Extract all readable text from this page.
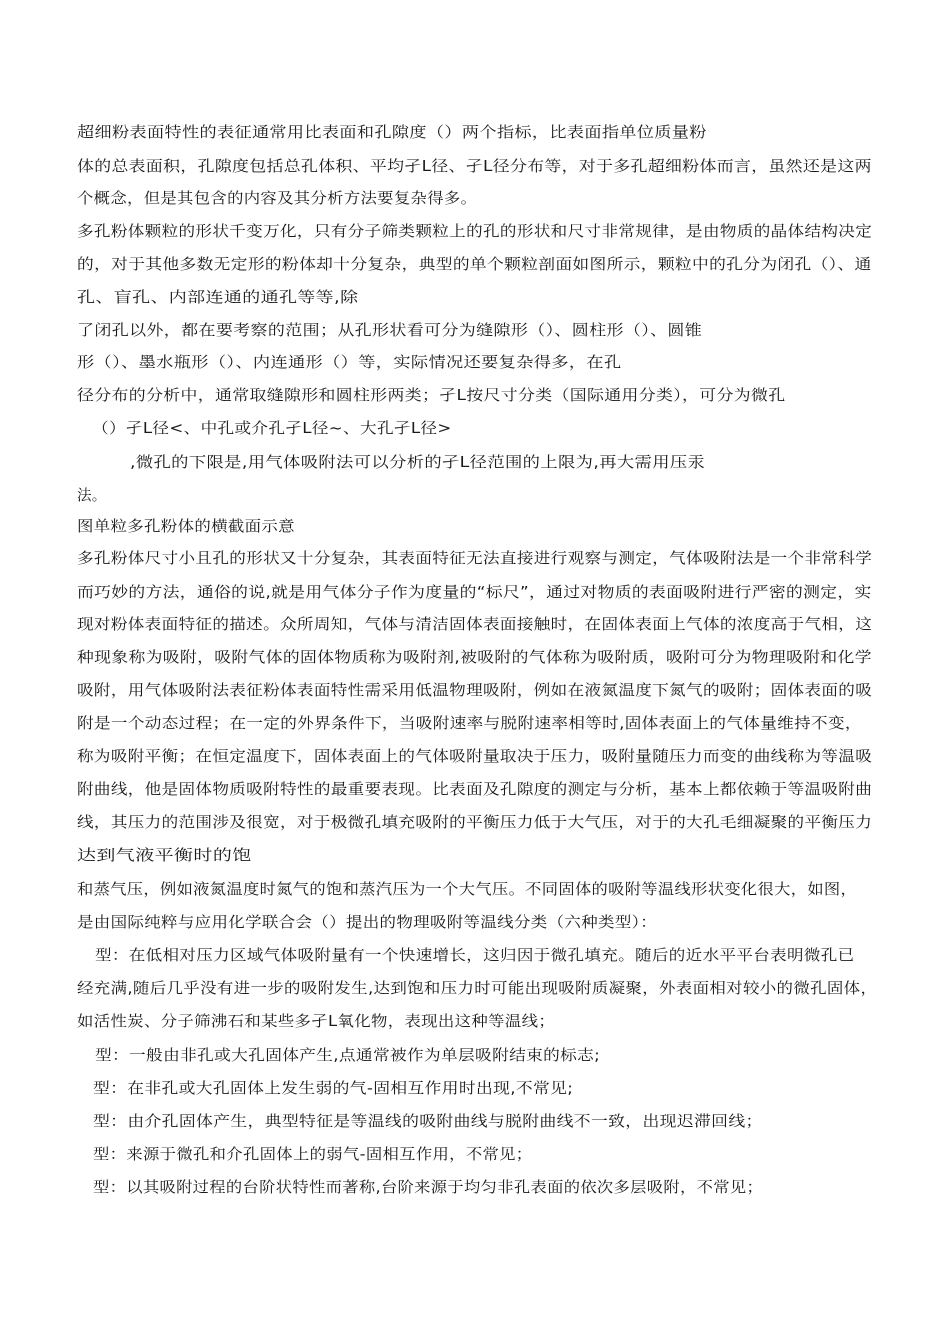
超细粉表面特性的表征通常用比表面和孔隙度（）两个指标，比表面指单位质量粉
体的总表面积，孔隙度包括总孔体积、平均孑L径、孑L径分布等，对于多孔超细粉体而言，虽然还是这两
个概念，但是其包含的内容及其分析方法要复杂得多。
多孔粉体颗粒的形状千变万化，只有分子筛类颗粒上的孔的形状和尺寸非常规律，是由物质的晶体结构决定
的，对于其他多数无定形的粉体却十分复杂，典型的单个颗粒剖面如图所示，颗粒中的孔分为闭孔（）、通
孔、盲孔、内部连通的通孔等等,除
了闭孔以外，都在要考察的范围；从孔形状看可分为缝隙形（）、圆柱形（）、圆锥
形（）、墨水瓶形（）、内连通形（）等，实际情况还要复杂得多，在孔
径分布的分析中，通常取缝隙形和圆柱形两类；孑L按尺寸分类（国际通用分类），可分为微孔
（）孑L径<、中孔或介孔孑L径~、大孔孑L径>
,微孔的下限是,用气体吸附法可以分析的孑L径范围的上限为,再大需用压汞
法。
图单粒多孔粉体的横截面示意
多孔粉体尺寸小且孔的形状又十分复杂，其表面特征无法直接进行观察与测定，气体吸附法是一个非常科学
而巧妙的方法，通俗的说,就是用气体分子作为度量的“标尺”，通过对物质的表面吸附进行严密的测定，实
现对粉体表面特征的描述。众所周知，气体与清洁固体表面接触时，在固体表面上气体的浓度高于气相，这
种现象称为吸附，吸附气体的固体物质称为吸附剂,被吸附的气体称为吸附质，吸附可分为物理吸附和化学
吸附，用气体吸附法表征粉体表面特性需采用低温物理吸附，例如在液氮温度下氮气的吸附；固体表面的吸
附是一个动态过程；在一定的外界条件下，当吸附速率与脱附速率相等时,固体表面上的气体量维持不变，
称为吸附平衡；在恒定温度下，固体表面上的气体吸附量取决于压力，吸附量随压力而变的曲线称为等温吸
附曲线，他是固体物质吸附特性的最重要表现。比表面及孔隙度的测定与分析，基本上都依赖于等温吸附曲
线，其压力的范围涉及很宽，对于极微孔填充吸附的平衡压力低于大气压，对于的大孔毛细凝聚的平衡压力
达到气液平衡时的饱
和蒸气压，例如液氮温度时氮气的饱和蒸汽压为一个大气压。不同固体的吸附等温线形状变化很大，如图，
是由国际纯粹与应用化学联合会（）提出的物理吸附等温线分类（六种类型）：
型：在低相对压力区域气体吸附量有一个快速增长，这归因于微孔填充。随后的近水平平台表明微孔已
经充满,随后几乎没有进一步的吸附发生,达到饱和压力时可能出现吸附质凝聚，外表面相对较小的微孔固体，
如活性炭、分子筛沸石和某些多孑L氧化物，表现出这种等温线；
型：一般由非孔或大孔固体产生,点通常被作为单层吸附结束的标志;
型：在非孔或大孔固体上发生弱的气-固相互作用时出现,不常见;
型：由介孔固体产生，典型特征是等温线的吸附曲线与脱附曲线不一致，出现迟滞回线；
型：来源于微孔和介孔固体上的弱气-固相互作用，不常见；
型：以其吸附过程的台阶状特性而著称,台阶来源于均匀非孔表面的依次多层吸附，不常见；
